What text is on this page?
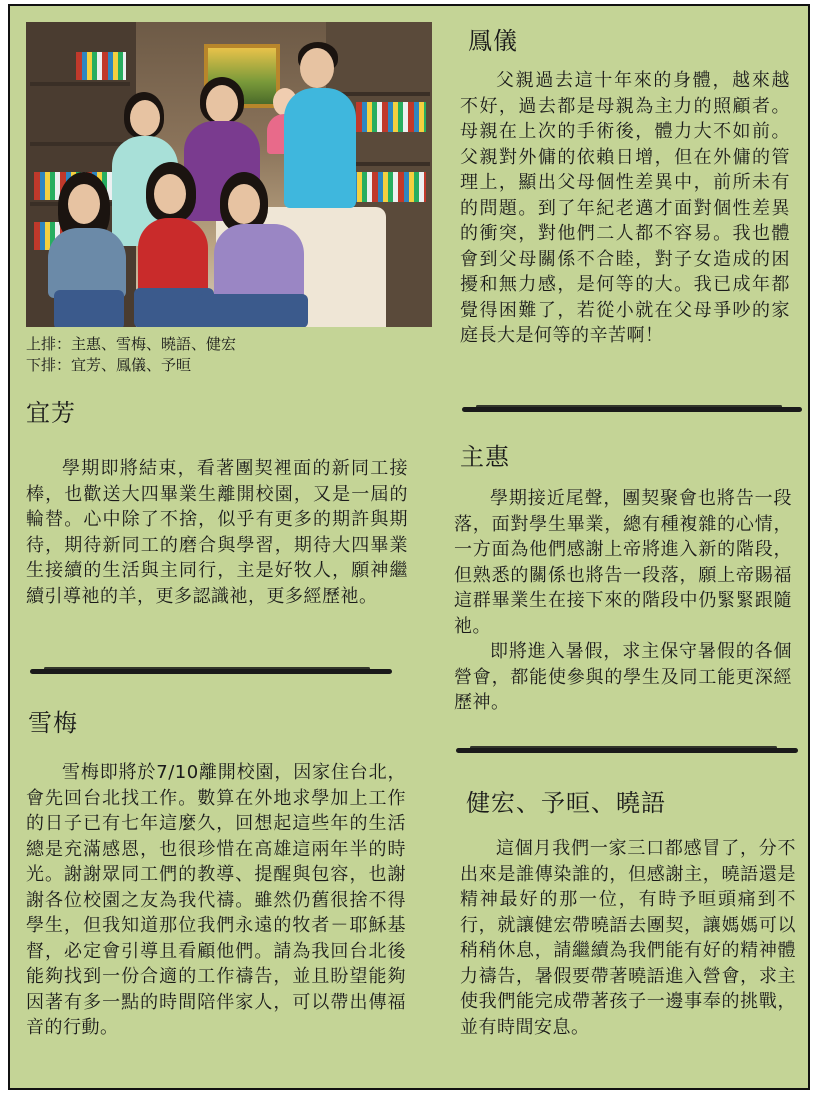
上排：主惠、雪梅、曉語、健宏
下排：宜芳、鳳儀、予晅
鳳儀

父親過去這十年來的身體，越來越不好，過去都是母親為主力的照顧者。母親在上次的手術後，體力大不如前。父親對外傭的依賴日增，但在外傭的管理上，顯出父母個性差異中，前所未有的問題。到了年紀老邁才面對個性差異的衝突，對他們二人都不容易。我也體會到父母關係不合睦，對子女造成的困擾和無力感，是何等的大。我已成年都覺得困難了，若從小就在父母爭吵的家庭長大是何等的辛苦啊！

宜芳

學期即將結束，看著團契裡面的新同工接棒，也歡送大四畢業生離開校園，又是一屆的輪替。心中除了不捨，似乎有更多的期許與期待，期待新同工的磨合與學習，期待大四畢業生接續的生活與主同行，主是好牧人，願神繼續引導祂的羊，更多認識祂，更多經歷祂。

主惠

學期接近尾聲，團契聚會也將告一段落，面對學生畢業，總有種複雜的心情，一方面為他們感謝上帝將進入新的階段，但熟悉的關係也將告一段落，願上帝賜福這群畢業生在接下來的階段中仍緊緊跟隨祂。

即將進入暑假，求主保守暑假的各個營會，都能使參與的學生及同工能更深經歷神。

雪梅

雪梅即將於7/10離開校園，因家住台北，會先回台北找工作。數算在外地求學加上工作的日子已有七年這麼久，回想起這些年的生活總是充滿感恩，也很珍惜在高雄這兩年半的時光。謝謝眾同工們的教導、提醒與包容，也謝謝各位校園之友為我代禱。雖然仍舊很捨不得學生，但我知道那位我們永遠的牧者－耶穌基督，必定會引導且看顧他們。請為我回台北後能夠找到一份合適的工作禱告，並且盼望能夠因著有多一點的時間陪伴家人，可以帶出傳福音的行動。

健宏、予晅、曉語

這個月我們一家三口都感冒了，分不出來是誰傳染誰的，但感謝主，曉語還是精神最好的那一位，有時予晅頭痛到不行，就讓健宏帶曉語去團契，讓媽媽可以稍稍休息，請繼續為我們能有好的精神體力禱告，暑假要帶著曉語進入營會，求主使我們能完成帶著孩子一邊事奉的挑戰，並有時間安息。
